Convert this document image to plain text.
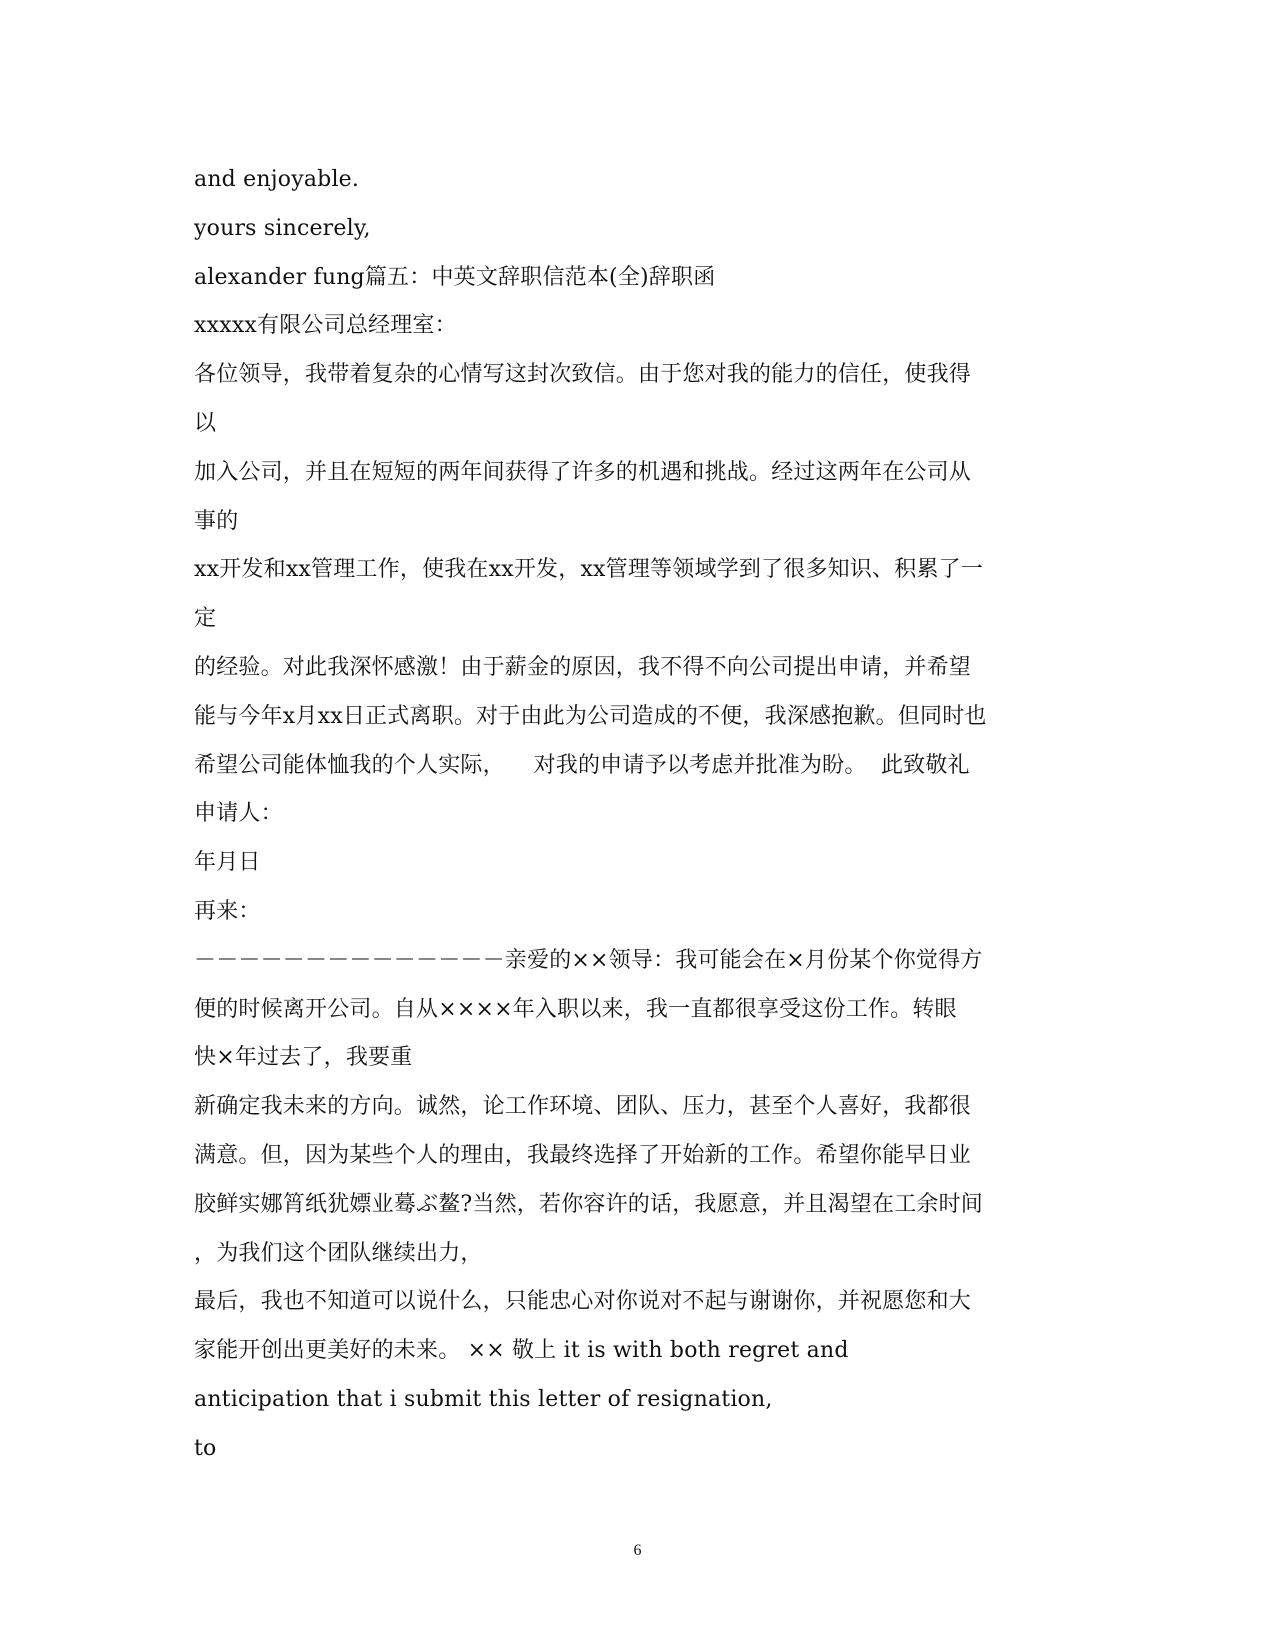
and enjoyable.
yours sincerely,
alexander fung篇五：中英文辞职信范本(全)辞职函
xxxxx有限公司总经理室：
各位领导，我带着复杂的心情写这封次致信。由于您对我的能力的信任，使我得
以
加入公司，并且在短短的两年间获得了许多的机遇和挑战。经过这两年在公司从
事的
xx开发和xx管理工作，使我在xx开发，xx管理等领域学到了很多知识、积累了一
定
的经验。对此我深怀感激！由于薪金的原因，我不得不向公司提出申请，并希望
能与今年x月xx日正式离职。对于由此为公司造成的不便，我深感抱歉。但同时也
希望公司能体恤我的个人实际，    对我的申请予以考虑并批准为盼。  此致敬礼
申请人：
年月日
再来：
－－－－－－－－－－－－－－亲爱的××领导：我可能会在×月份某个你觉得方
便的时候离开公司。自从××××年入职以来，我一直都很享受这份工作。转眼
快×年过去了，我要重
新确定我未来的方向。诚然，论工作环境、团队、压力，甚至个人喜好，我都很
满意。但，因为某些个人的理由，我最终选择了开始新的工作。希望你能早日业
胶鲜实娜筲纸犹嫖业蓦ぶ鳌?当然，若你容许的话，我愿意，并且渴望在工余时间
，为我们这个团队继续出力，
最后，我也不知道可以说什么，只能忠心对你说对不起与谢谢你，并祝愿您和大
家能开创出更美好的未来。 ×× 敬上 it is with both regret and
anticipation that i submit this letter of resignation,
to
6
